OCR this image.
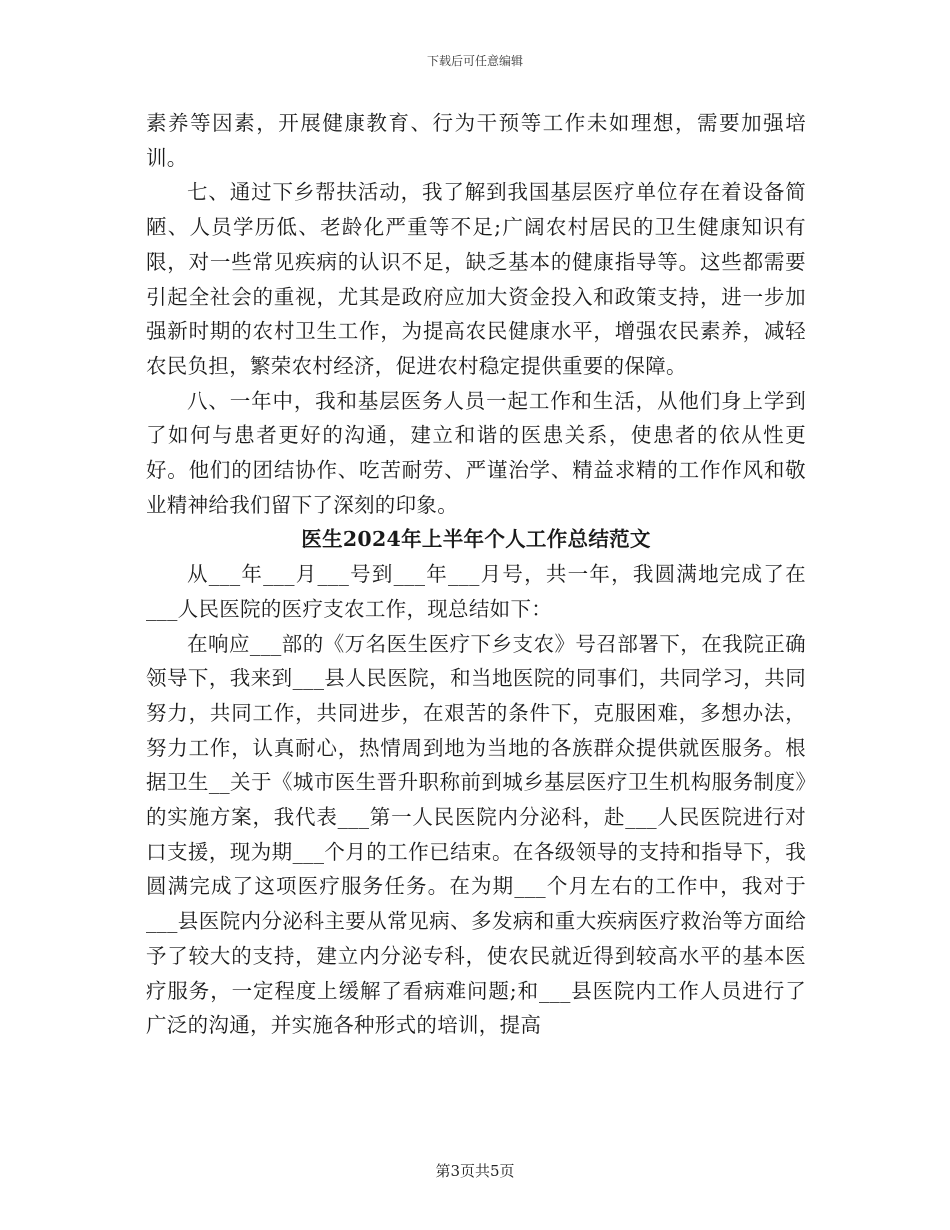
下载后可任意编辑

素养等因素，开展健康教育、行为干预等工作未如理想，需要加强培训。

七、通过下乡帮扶活动，我了解到我国基层医疗单位存在着设备简陋、人员学历低、老龄化严重等不足;广阔农村居民的卫生健康知识有限，对一些常见疾病的认识不足，缺乏基本的健康指导等。这些都需要引起全社会的重视，尤其是政府应加大资金投入和政策支持，进一步加强新时期的农村卫生工作，为提高农民健康水平，增强农民素养，减轻农民负担，繁荣农村经济，促进农村稳定提供重要的保障。

八、一年中，我和基层医务人员一起工作和生活，从他们身上学到了如何与患者更好的沟通，建立和谐的医患关系，使患者的依从性更好。他们的团结协作、吃苦耐劳、严谨治学、精益求精的工作作风和敬业精神给我们留下了深刻的印象。

医生2024年上半年个人工作总结范文

从___年___月___号到___年___月号，共一年，我圆满地完成了在___人民医院的医疗支农工作，现总结如下：

在响应___部的《万名医生医疗下乡支农》号召部署下，在我院正确领导下，我来到___县人民医院，和当地医院的同事们，共同学习，共同努力，共同工作，共同进步，在艰苦的条件下，克服困难，多想办法，努力工作，认真耐心，热情周到地为当地的各族群众提供就医服务。根据卫生__关于《城市医生晋升职称前到城乡基层医疗卫生机构服务制度》的实施方案，我代表___第一人民医院内分泌科，赴___人民医院进行对口支援，现为期___个月的工作已结束。在各级领导的支持和指导下，我圆满完成了这项医疗服务任务。在为期___个月左右的工作中，我对于___县医院内分泌科主要从常见病、多发病和重大疾病医疗救治等方面给予了较大的支持，建立内分泌专科，使农民就近得到较高水平的基本医疗服务，一定程度上缓解了看病难问题;和___县医院内工作人员进行了广泛的沟通，并实施各种形式的培训，提高

第3页共5页
